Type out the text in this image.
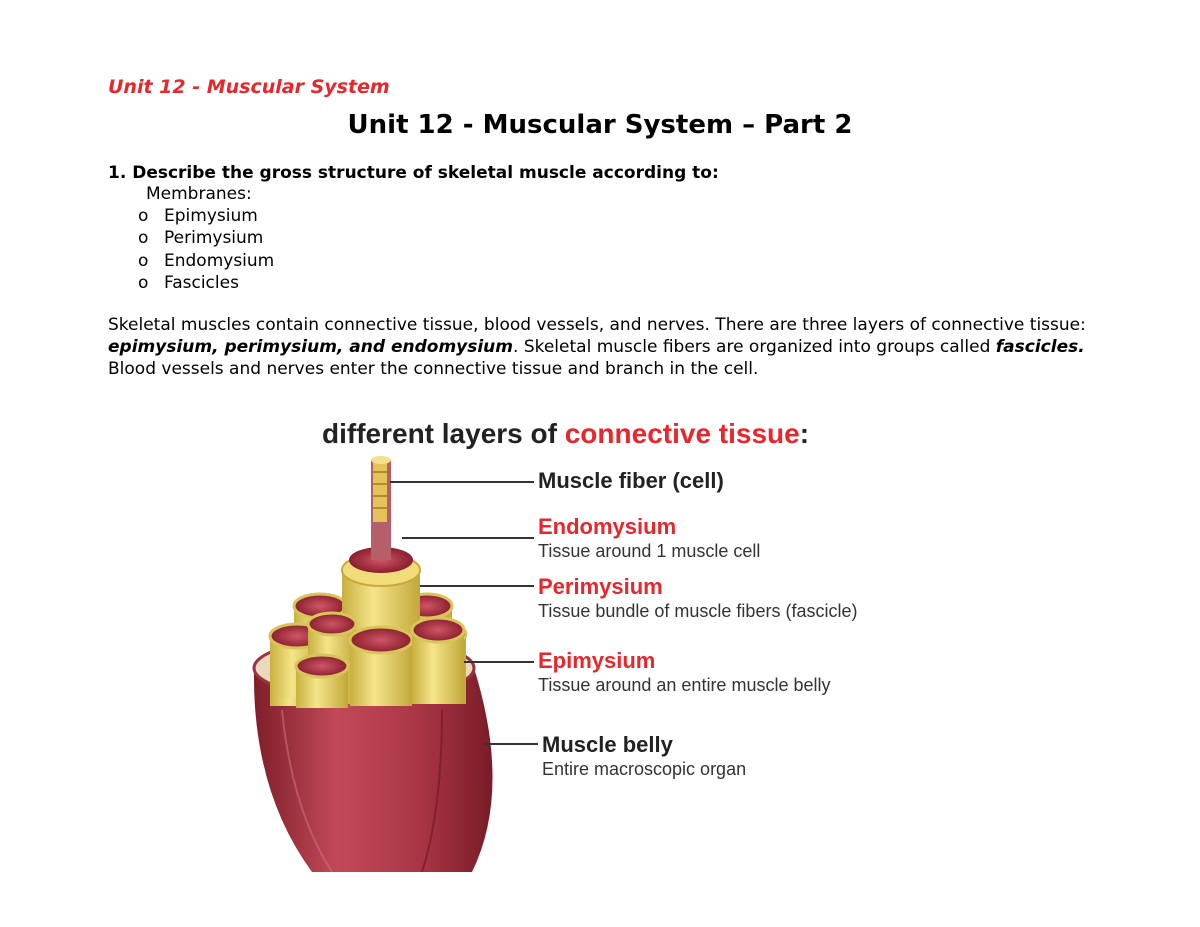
Unit 12 - Muscular System
Unit 12 - Muscular System – Part 2
1. Describe the gross structure of skeletal muscle according to:
Membranes:
o Epimysium
o Perimysium
o Endomysium
o Fascicles

Skeletal muscles contain connective tissue, blood vessels, and nerves. There are three layers of connective tissue: epimysium, perimysium, and endomysium. Skeletal muscle fibers are organized into groups called fascicles. Blood vessels and nerves enter the connective tissue and branch in the cell.

different layers of connective tissue:
Muscle fiber (cell)
Endomysium
Tissue around 1 muscle cell
Perimysium
Tissue bundle of muscle fibers (fascicle)
Epimysium
Tissue around an entire muscle belly
Muscle belly
Entire macroscopic organ
